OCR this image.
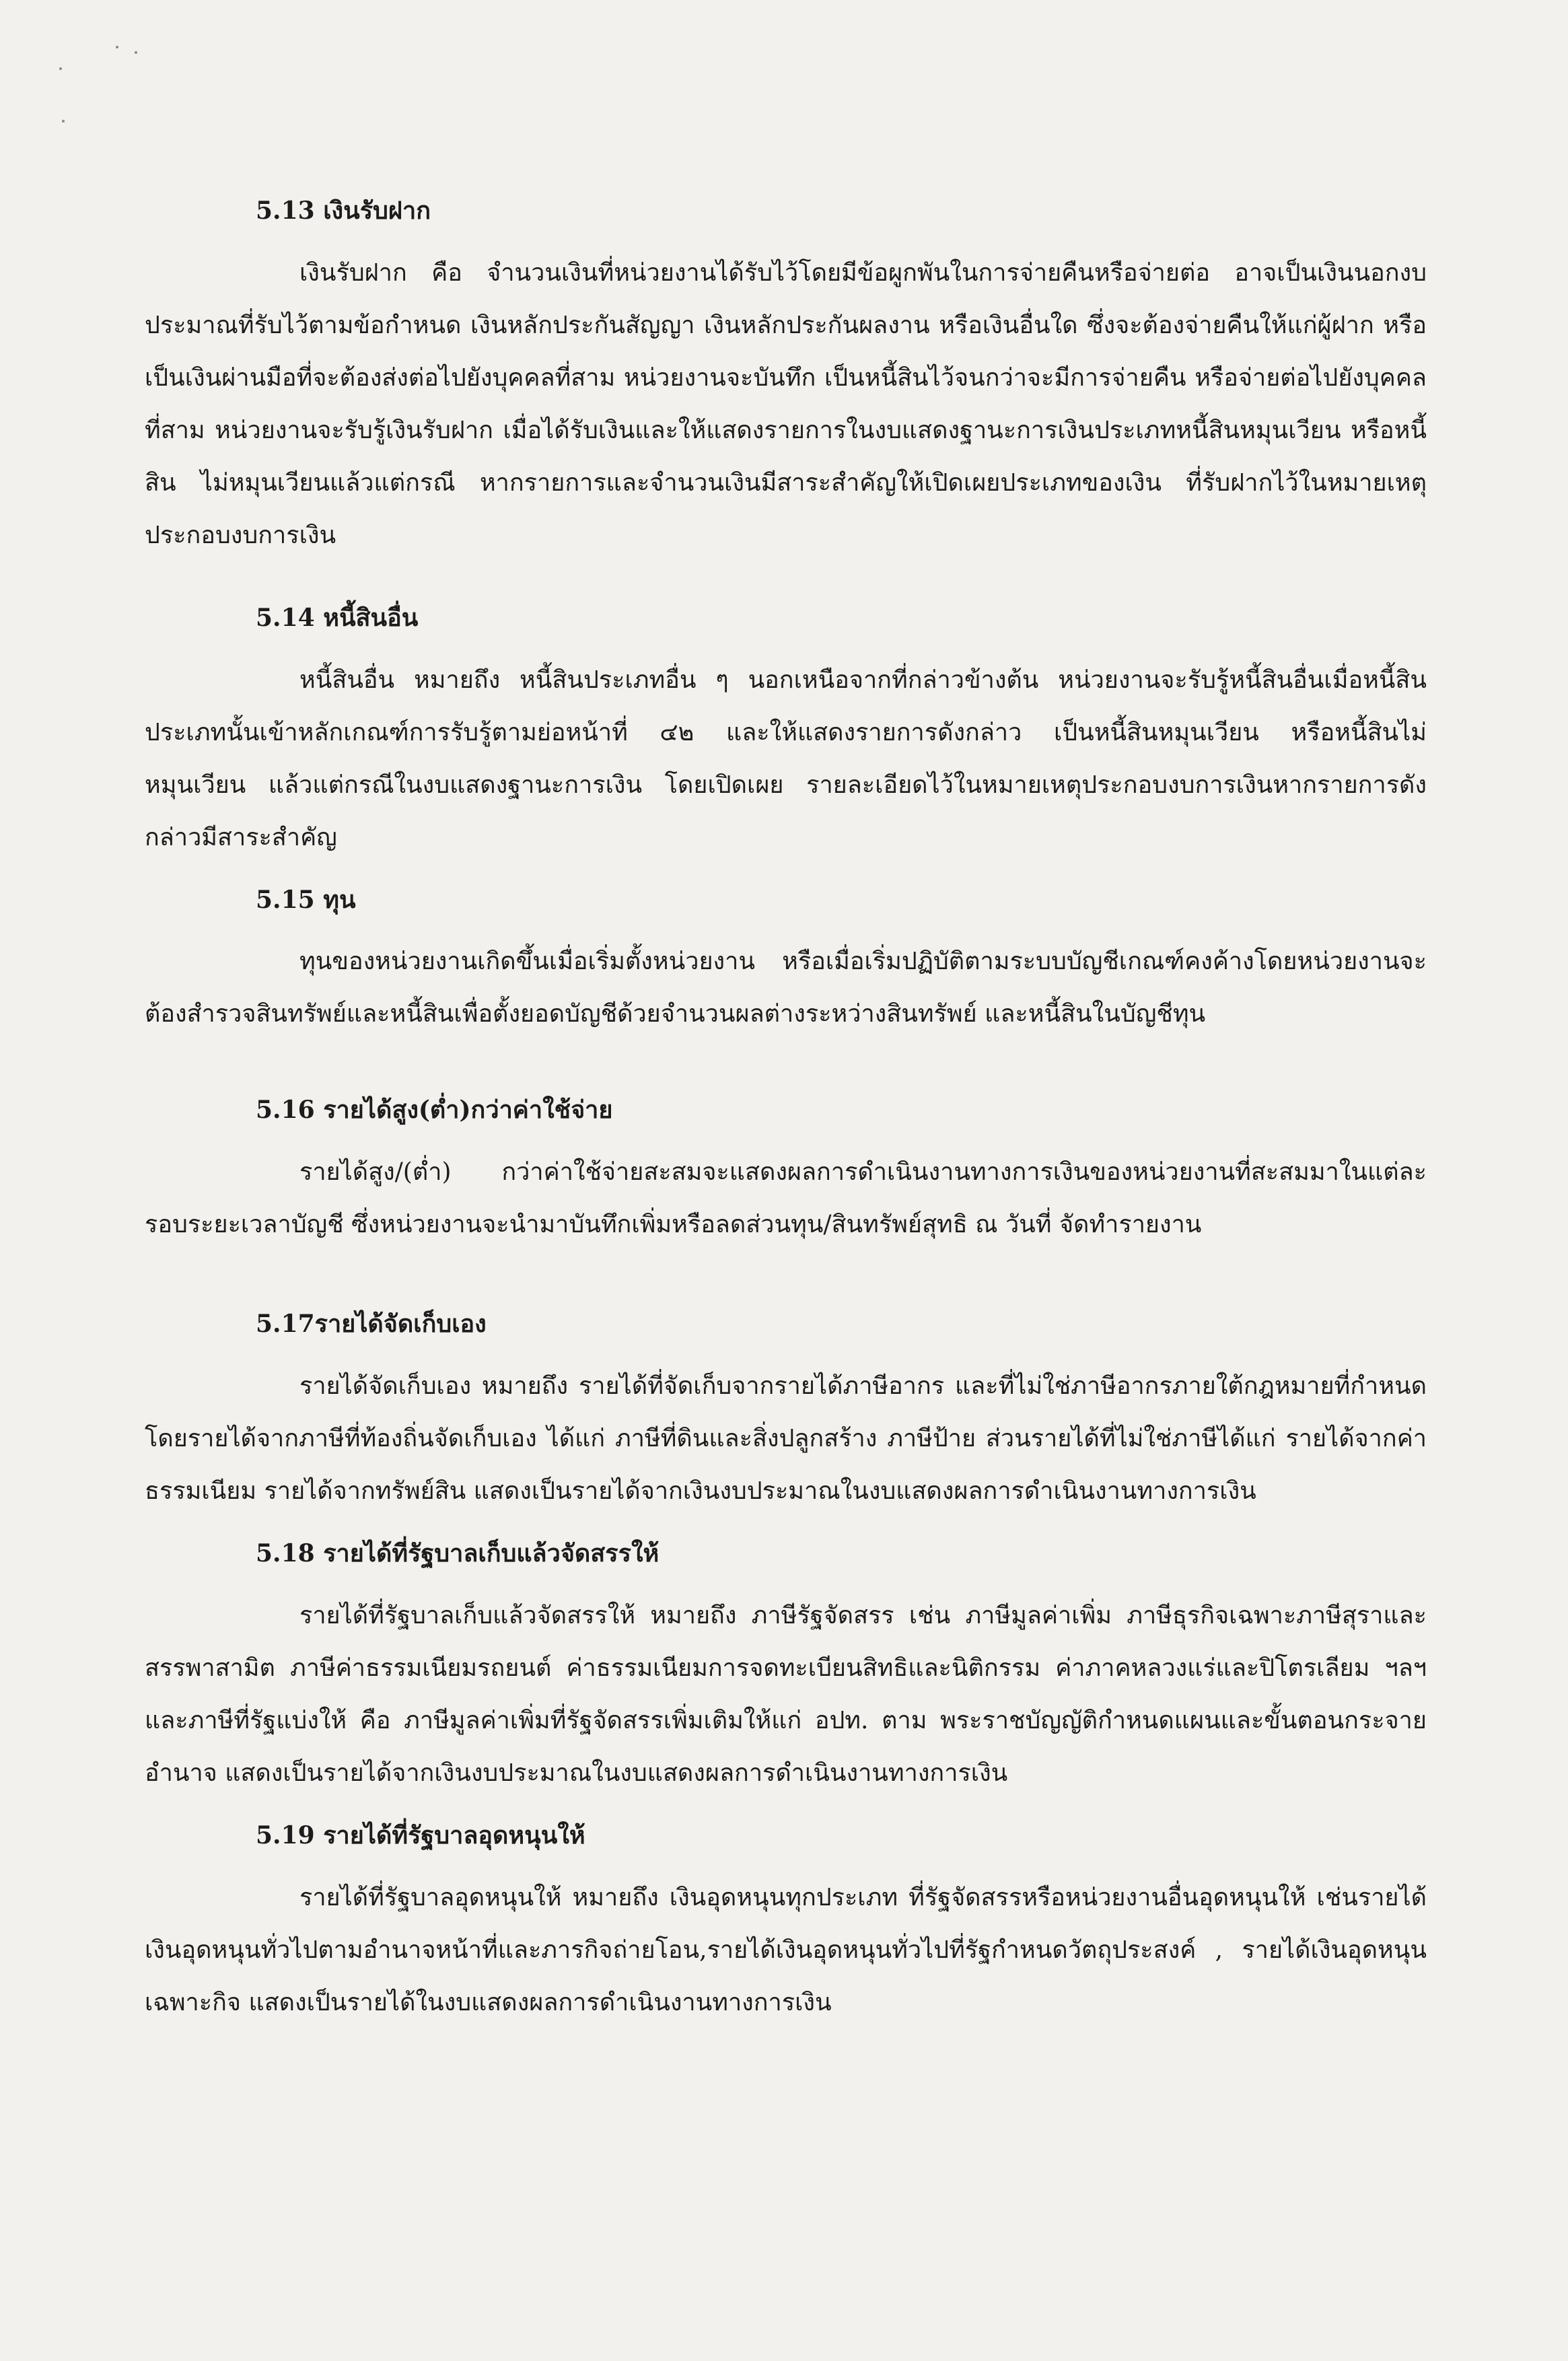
5.13 เงินรับฝาก

เงินรับฝาก คือ จำนวนเงินที่หน่วยงานได้รับไว้โดยมีข้อผูกพันในการจ่ายคืนหรือจ่ายต่อ อาจเป็นเงินนอกงบประมาณที่รับไว้ตามข้อกำหนด เงินหลักประกันสัญญา เงินหลักประกันผลงาน หรือเงินอื่นใด ซึ่งจะต้องจ่ายคืนให้แก่ผู้ฝาก หรือเป็นเงินผ่านมือที่จะต้องส่งต่อไปยังบุคคลที่สาม หน่วยงานจะบันทึก เป็นหนี้สินไว้จนกว่าจะมีการจ่ายคืน หรือจ่ายต่อไปยังบุคคลที่สาม หน่วยงานจะรับรู้เงินรับฝาก เมื่อได้รับเงินและให้แสดงรายการในงบแสดงฐานะการเงินประเภทหนี้สินหมุนเวียน หรือหนี้สิน ไม่หมุนเวียนแล้วแต่กรณี หากรายการและจำนวนเงินมีสาระสำคัญให้เปิดเผยประเภทของเงิน ที่รับฝากไว้ในหมายเหตุประกอบงบการเงิน

5.14 หนี้สินอื่น

หนี้สินอื่น หมายถึง หนี้สินประเภทอื่น ๆ นอกเหนือจากที่กล่าวข้างต้น หน่วยงานจะรับรู้หนี้สินอื่นเมื่อหนี้สินประเภทนั้นเข้าหลักเกณฑ์การรับรู้ตามย่อหน้าที่ ๔๒ และให้แสดงรายการดังกล่าว เป็นหนี้สินหมุนเวียน หรือหนี้สินไม่หมุนเวียน แล้วแต่กรณีในงบแสดงฐานะการเงิน โดยเปิดเผย รายละเอียดไว้ในหมายเหตุประกอบงบการเงินหากรายการดังกล่าวมีสาระสำคัญ

5.15 ทุน

ทุนของหน่วยงานเกิดขึ้นเมื่อเริ่มตั้งหน่วยงาน หรือเมื่อเริ่มปฏิบัติตามระบบบัญชีเกณฑ์คงค้างโดยหน่วยงานจะต้องสำรวจสินทรัพย์และหนี้สินเพื่อตั้งยอดบัญชีด้วยจำนวนผลต่างระหว่างสินทรัพย์ และหนี้สินในบัญชีทุน

5.16 รายได้สูง(ต่ำ)กว่าค่าใช้จ่าย

รายได้สูง/(ต่ำ) กว่าค่าใช้จ่ายสะสมจะแสดงผลการดำเนินงานทางการเงินของหน่วยงานที่สะสมมาในแต่ละรอบระยะเวลาบัญชี ซึ่งหน่วยงานจะนำมาบันทึกเพิ่มหรือลดส่วนทุน/สินทรัพย์สุทธิ ณ วันที่ จัดทำรายงาน

5.17รายได้จัดเก็บเอง

รายได้จัดเก็บเอง หมายถึง รายได้ที่จัดเก็บจากรายได้ภาษีอากร และที่ไม่ใช่ภาษีอากรภายใต้กฎหมายที่กำหนด โดยรายได้จากภาษีที่ท้องถิ่นจัดเก็บเอง ได้แก่ ภาษีที่ดินและสิ่งปลูกสร้าง ภาษีป้าย ส่วนรายได้ที่ไม่ใช่ภาษีได้แก่ รายได้จากค่าธรรมเนียม รายได้จากทรัพย์สิน แสดงเป็นรายได้จากเงินงบประมาณในงบแสดงผลการดำเนินงานทางการเงิน

5.18 รายได้ที่รัฐบาลเก็บแล้วจัดสรรให้

รายได้ที่รัฐบาลเก็บแล้วจัดสรรให้ หมายถึง ภาษีรัฐจัดสรร เช่น ภาษีมูลค่าเพิ่ม ภาษีธุรกิจเฉพาะภาษีสุราและสรรพาสามิต ภาษีค่าธรรมเนียมรถยนต์ ค่าธรรมเนียมการจดทะเบียนสิทธิและนิติกรรม ค่าภาคหลวงแร่และปิโตรเลียม ฯลฯ และภาษีที่รัฐแบ่งให้ คือ ภาษีมูลค่าเพิ่มที่รัฐจัดสรรเพิ่มเติมให้แก่ อปท. ตาม พระราชบัญญัติกำหนดแผนและขั้นตอนกระจายอำนาจ แสดงเป็นรายได้จากเงินงบประมาณในงบแสดงผลการดำเนินงานทางการเงิน

5.19 รายได้ที่รัฐบาลอุดหนุนให้

รายได้ที่รัฐบาลอุดหนุนให้ หมายถึง เงินอุดหนุนทุกประเภท ที่รัฐจัดสรรหรือหน่วยงานอื่นอุดหนุนให้ เช่นรายได้เงินอุดหนุนทั่วไปตามอำนาจหน้าที่และภารกิจถ่ายโอน,รายได้เงินอุดหนุนทั่วไปที่รัฐกำหนดวัตถุประสงค์ , รายได้เงินอุดหนุนเฉพาะกิจ แสดงเป็นรายได้ในงบแสดงผลการดำเนินงานทางการเงิน
